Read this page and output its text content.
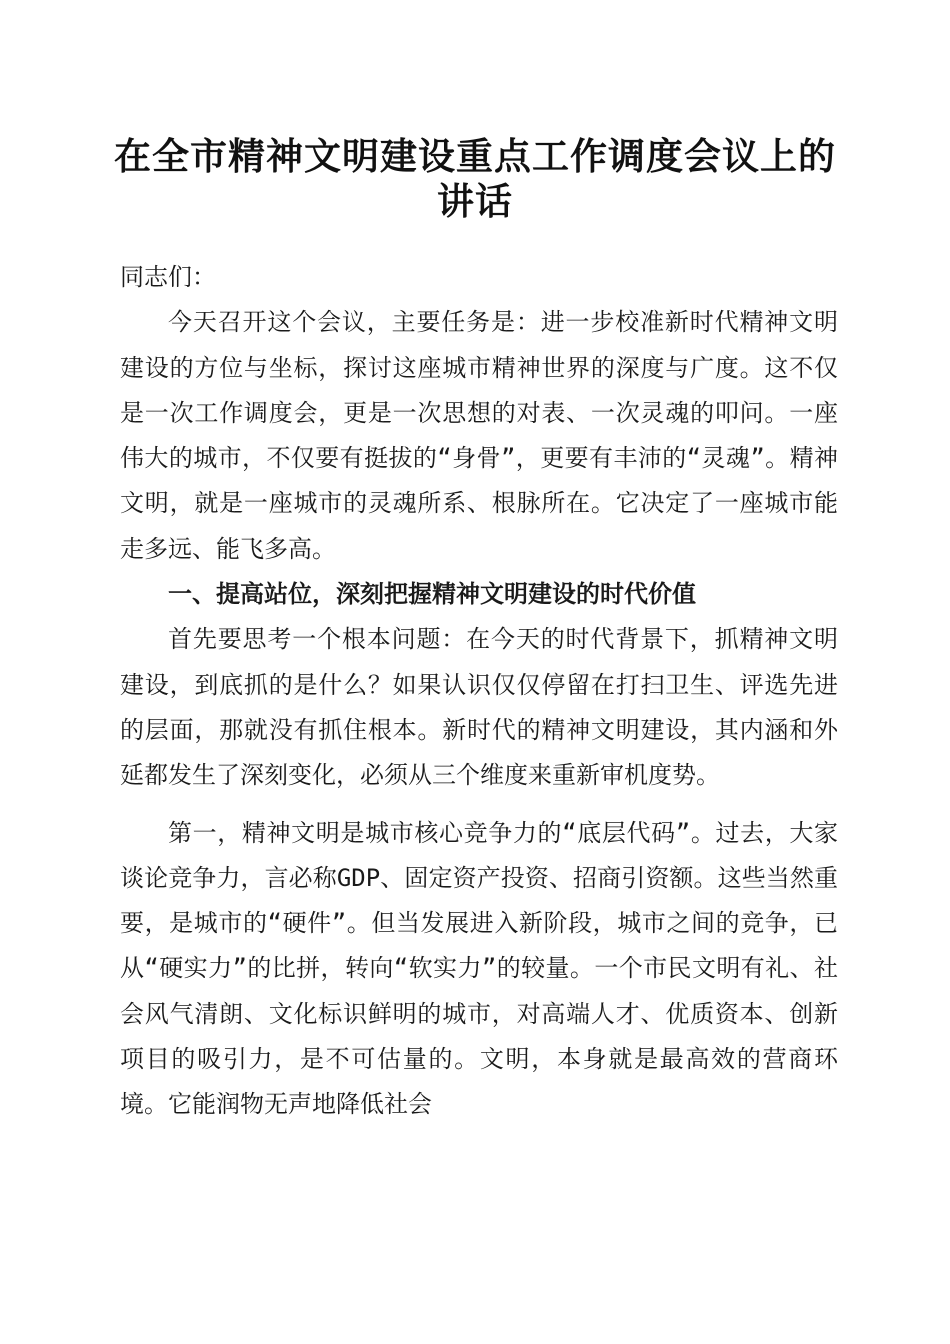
在全市精神文明建设重点工作调度会议上的讲话

同志们：

今天召开这个会议，主要任务是：进一步校准新时代精神文明建设的方位与坐标，探讨这座城市精神世界的深度与广度。这不仅是一次工作调度会，更是一次思想的对表、一次灵魂的叩问。一座伟大的城市，不仅要有挺拔的“身骨”，更要有丰沛的“灵魂”。精神文明，就是一座城市的灵魂所系、根脉所在。它决定了一座城市能走多远、能飞多高。

一、提高站位，深刻把握精神文明建设的时代价值

首先要思考一个根本问题：在今天的时代背景下，抓精神文明建设，到底抓的是什么？如果认识仅仅停留在打扫卫生、评选先进的层面，那就没有抓住根本。新时代的精神文明建设，其内涵和外延都发生了深刻变化，必须从三个维度来重新审机度势。

第一，精神文明是城市核心竞争力的“底层代码”。过去，大家谈论竞争力，言必称GDP、固定资产投资、招商引资额。这些当然重要，是城市的“硬件”。但当发展进入新阶段，城市之间的竞争，已从“硬实力”的比拼，转向“软实力”的较量。一个市民文明有礼、社会风气清朗、文化标识鲜明的城市，对高端人才、优质资本、创新项目的吸引力，是不可估量的。文明，本身就是最高效的营商环境。它能润物无声地降低社会
